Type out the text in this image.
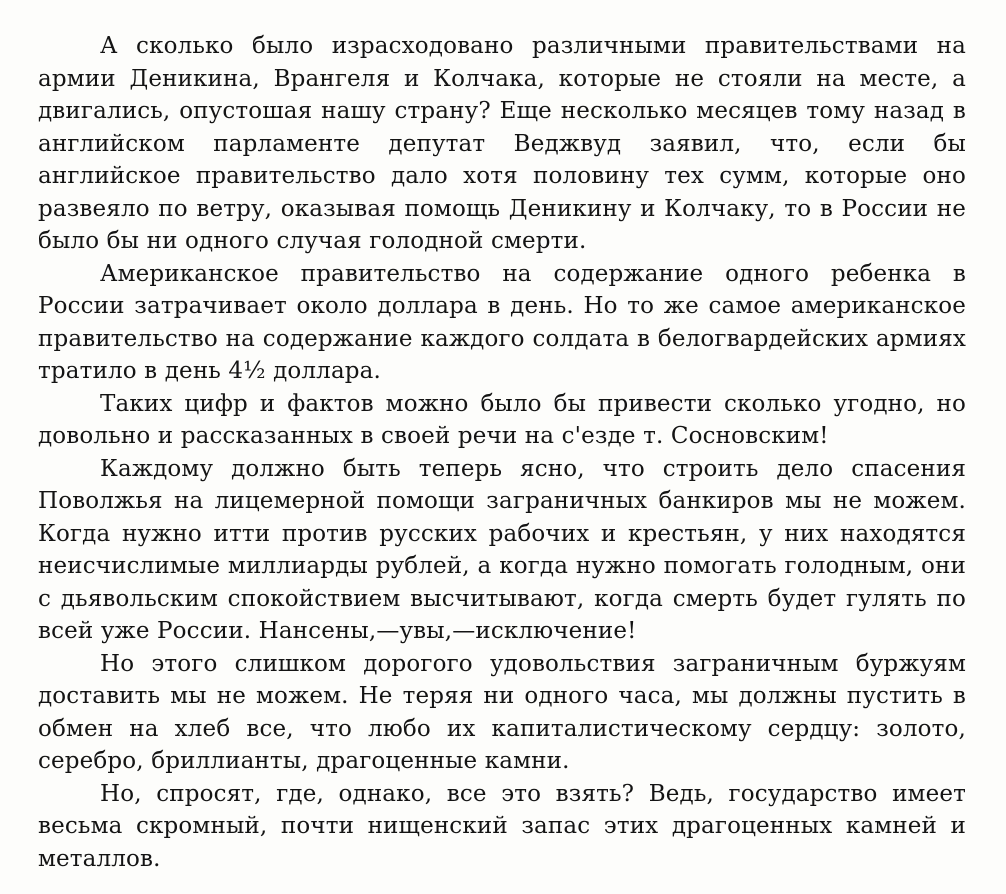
А сколько было израсходовано различными правительствами на армии Деникина, Врангеля и Колчака, которые не стояли на месте, а двигались, опустошая нашу страну? Еще несколько месяцев тому назад в английском парламенте депутат Веджвуд заявил, что, если бы английское правительство дало хотя половину тех сумм, которые оно развеяло по ветру, оказывая помощь Деникину и Колчаку, то в России не было бы ни одного случая голодной смерти.

Американское правительство на содержание одного ребенка в России затрачивает около доллара в день. Но то же самое американское правительство на содержание каждого солдата в белогвардейских армиях тратило в день 4½ доллара.

Таких цифр и фактов можно было бы привести сколько угодно, но довольно и рассказанных в своей речи на с'езде т. Сосновским!

Каждому должно быть теперь ясно, что строить дело спасения Поволжья на лицемерной помощи заграничных банкиров мы не можем. Когда нужно итти против русских рабочих и крестьян, у них находятся неисчислимые миллиарды рублей, а когда нужно помогать голодным, они с дьявольским спокойствием высчитывают, когда смерть будет гулять по всей уже России. Нансены,—увы,—исключение!

Но этого слишком дорогого удовольствия заграничным буржуям доставить мы не можем. Не теряя ни одного часа, мы должны пустить в обмен на хлеб все, что любо их капиталистическому сердцу: золото, серебро, бриллианты, драгоценные камни.

Но, спросят, где, однако, все это взять? Ведь, государство имеет весьма скромный, почти нищенский запас этих драгоценных камней и металлов.
